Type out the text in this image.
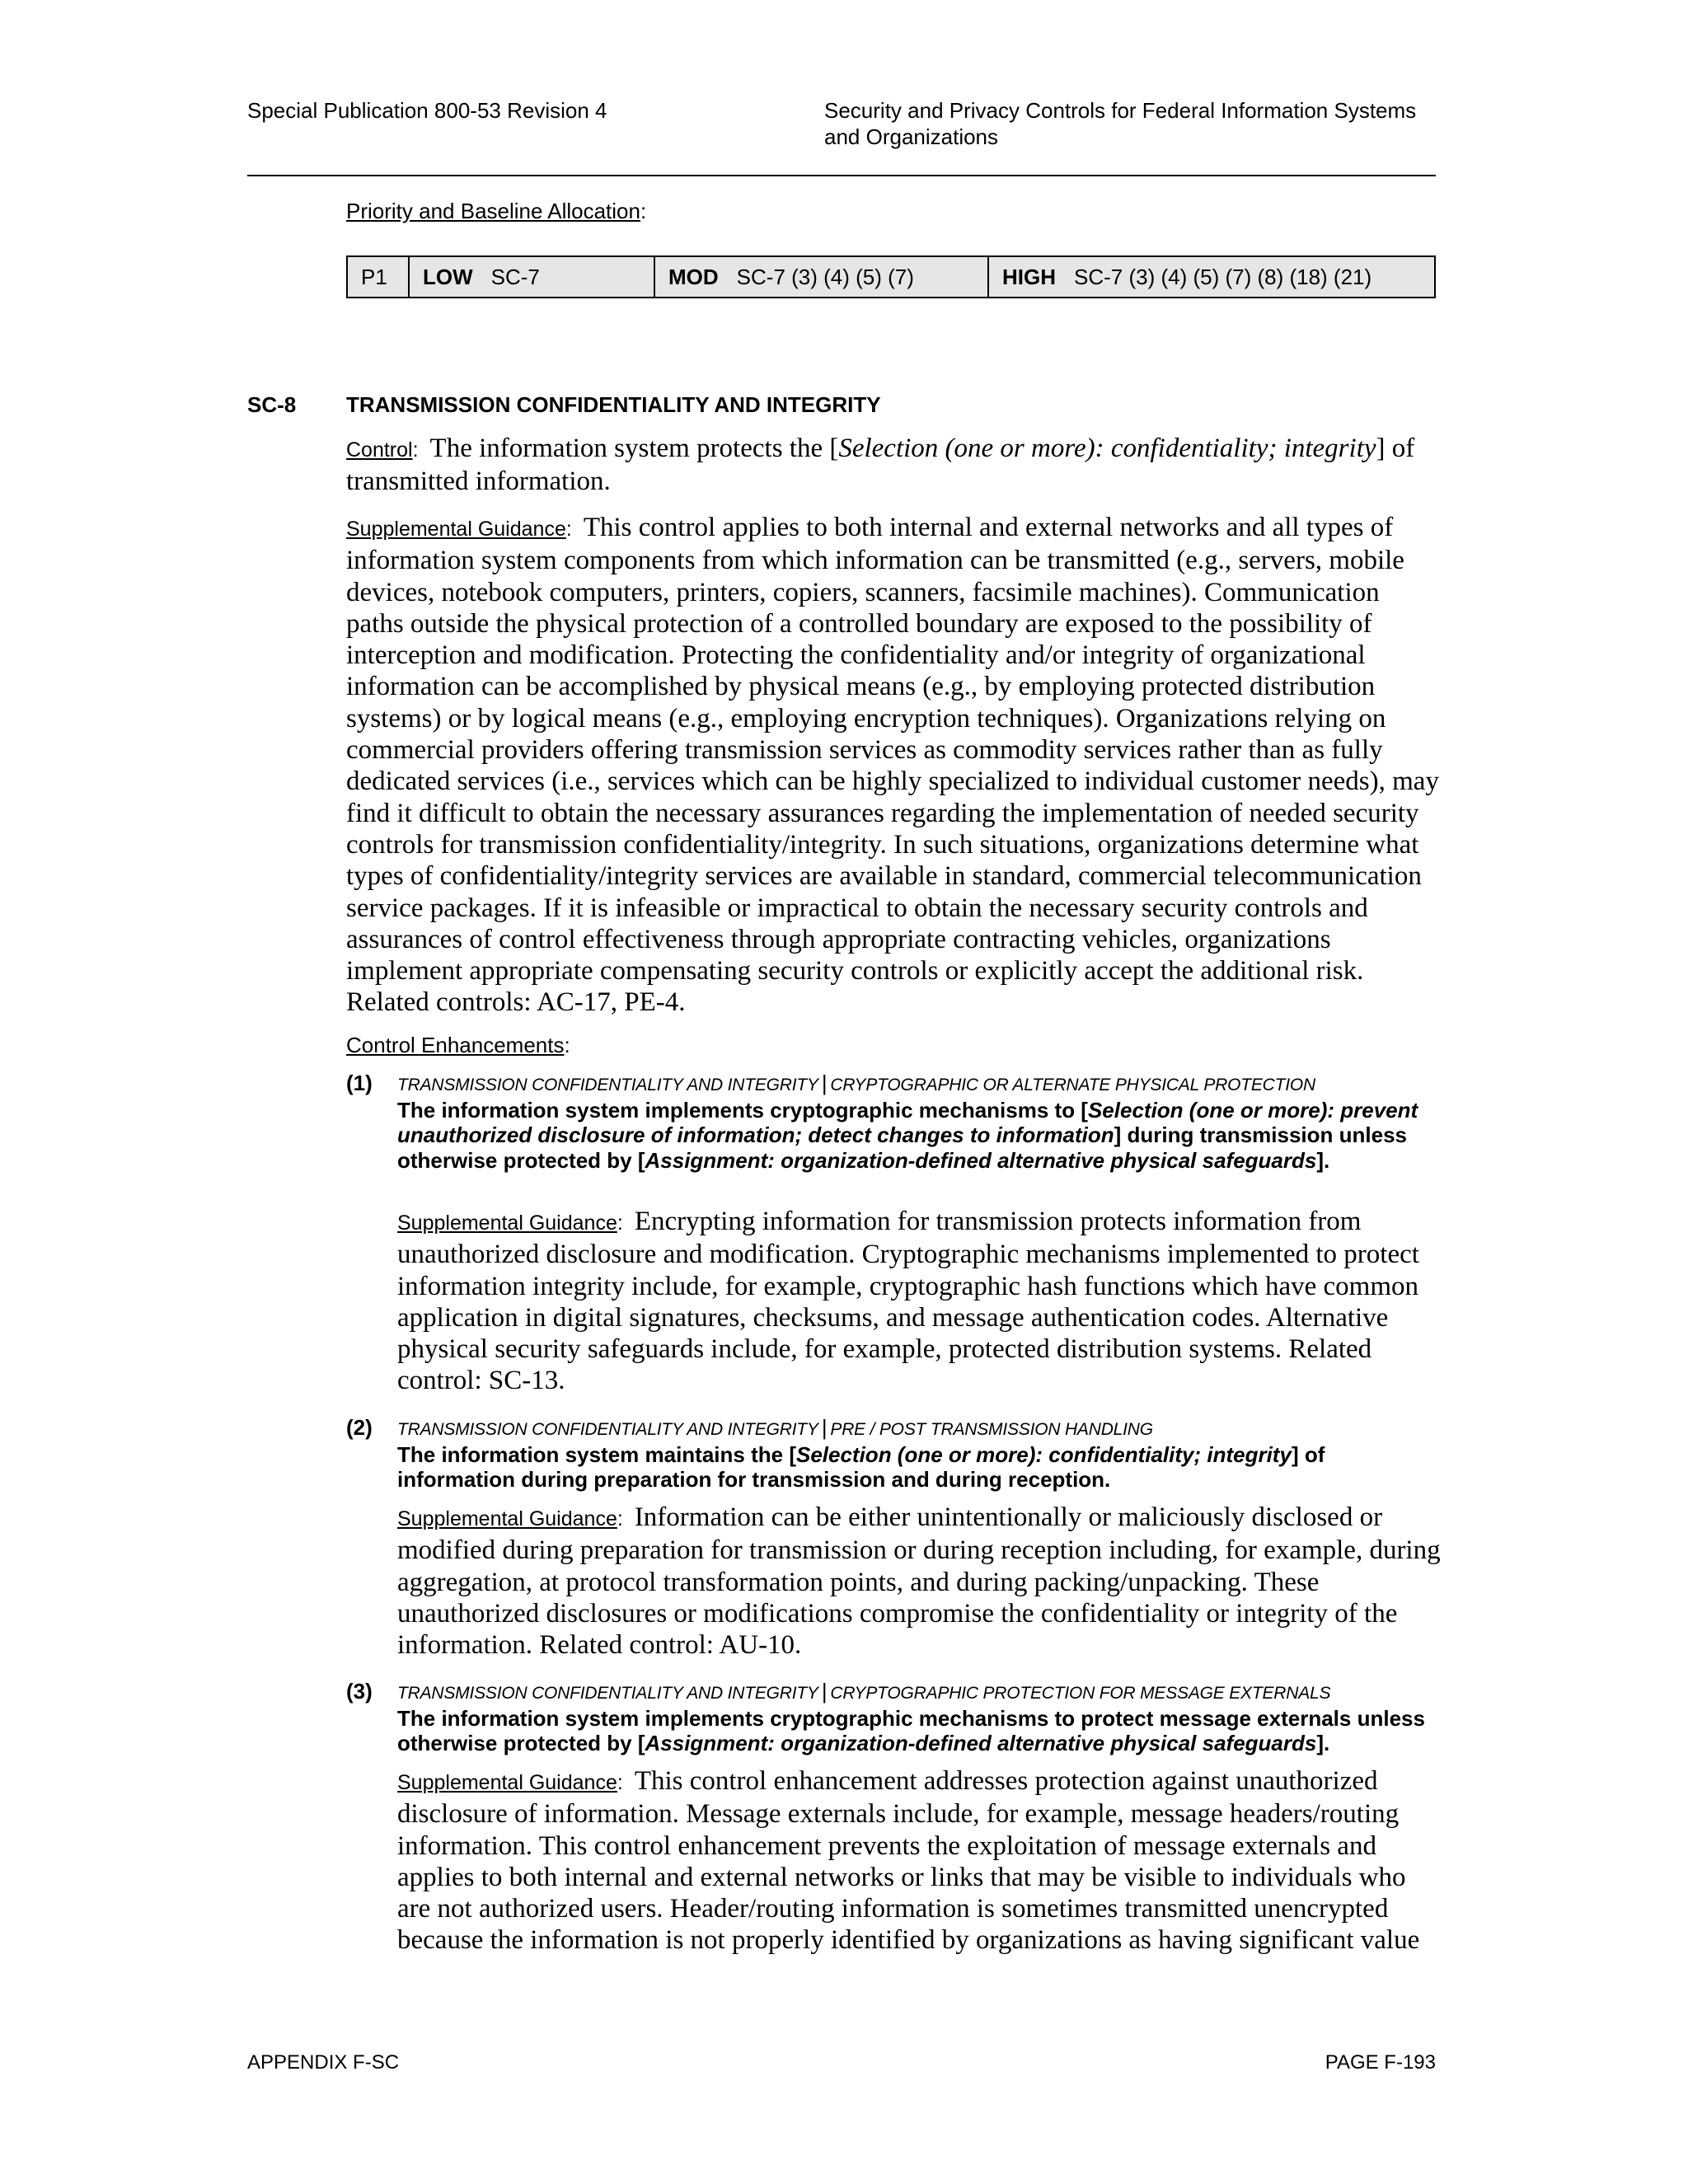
Special Publication 800-53 Revision 4	Security and Privacy Controls for Federal Information Systems
and Organizations
Priority and Baseline Allocation:
P1 LOW SC-7	MOD SC-7 (3) (4) (5) (7)	HIGH SC-7 (3) (4) (5) (7) (8) (18) (21)
SC-8 TRANSMISSION CONFIDENTIALITY AND INTEGRITY
Control: The information system protects the [Selection (one or more): confidentiality; integrity] of transmitted information.
Supplemental Guidance: This control applies to both internal and external networks and all types of information system components from which information can be transmitted (e.g., servers, mobile devices, notebook computers, printers, copiers, scanners, facsimile machines). Communication paths outside the physical protection of a controlled boundary are exposed to the possibility of interception and modification. Protecting the confidentiality and/or integrity of organizational information can be accomplished by physical means (e.g., by employing protected distribution systems) or by logical means (e.g., employing encryption techniques). Organizations relying on commercial providers offering transmission services as commodity services rather than as fully dedicated services (i.e., services which can be highly specialized to individual customer needs), may find it difficult to obtain the necessary assurances regarding the implementation of needed security controls for transmission confidentiality/integrity. In such situations, organizations determine what types of confidentiality/integrity services are available in standard, commercial telecommunication service packages. If it is infeasible or impractical to obtain the necessary security controls and assurances of control effectiveness through appropriate contracting vehicles, organizations implement appropriate compensating security controls or explicitly accept the additional risk. Related controls: AC-17, PE-4.
Control Enhancements:
(1) TRANSMISSION CONFIDENTIALITY AND INTEGRITY | CRYPTOGRAPHIC OR ALTERNATE PHYSICAL PROTECTION
The information system implements cryptographic mechanisms to [Selection (one or more): prevent unauthorized disclosure of information; detect changes to information] during transmission unless otherwise protected by [Assignment: organization-defined alternative physical safeguards].
Supplemental Guidance: Encrypting information for transmission protects information from unauthorized disclosure and modification. Cryptographic mechanisms implemented to protect information integrity include, for example, cryptographic hash functions which have common application in digital signatures, checksums, and message authentication codes. Alternative physical security safeguards include, for example, protected distribution systems. Related control: SC-13.
(2) TRANSMISSION CONFIDENTIALITY AND INTEGRITY | PRE / POST TRANSMISSION HANDLING
The information system maintains the [Selection (one or more): confidentiality; integrity] of information during preparation for transmission and during reception.
Supplemental Guidance: Information can be either unintentionally or maliciously disclosed or modified during preparation for transmission or during reception including, for example, during aggregation, at protocol transformation points, and during packing/unpacking. These unauthorized disclosures or modifications compromise the confidentiality or integrity of the information. Related control: AU-10.
(3) TRANSMISSION CONFIDENTIALITY AND INTEGRITY | CRYPTOGRAPHIC PROTECTION FOR MESSAGE EXTERNALS
The information system implements cryptographic mechanisms to protect message externals unless otherwise protected by [Assignment: organization-defined alternative physical safeguards].
Supplemental Guidance: This control enhancement addresses protection against unauthorized disclosure of information. Message externals include, for example, message headers/routing information. This control enhancement prevents the exploitation of message externals and applies to both internal and external networks or links that may be visible to individuals who are not authorized users. Header/routing information is sometimes transmitted unencrypted because the information is not properly identified by organizations as having significant value
APPENDIX F-SC	PAGE F-193
